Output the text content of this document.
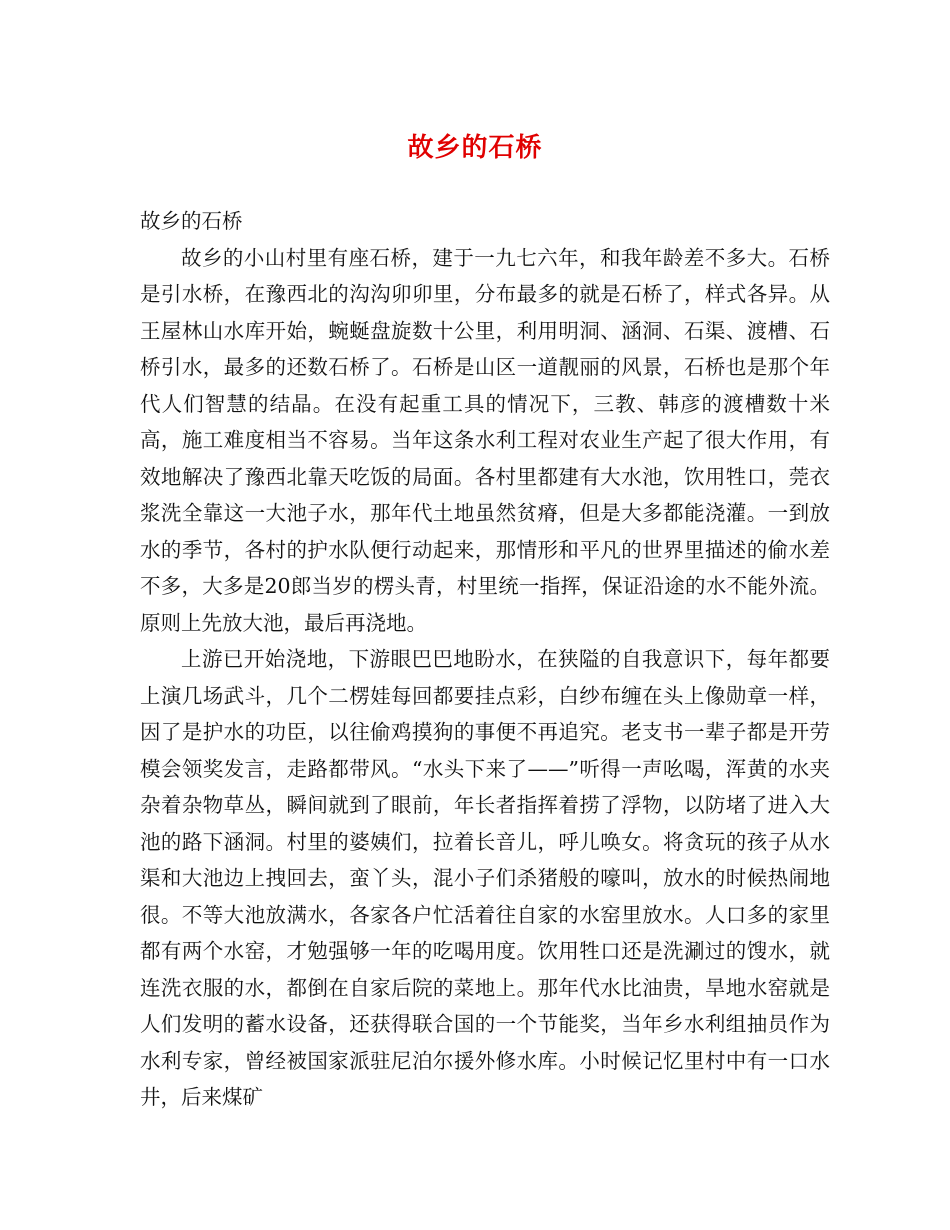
故乡的石桥

故乡的石桥

故乡的小山村里有座石桥，建于一九七六年，和我年龄差不多大。石桥是引水桥，在豫西北的沟沟卯卯里，分布最多的就是石桥了，样式各异。从王屋林山水库开始，蜿蜒盘旋数十公里，利用明洞、涵洞、石渠、渡槽、石桥引水，最多的还数石桥了。石桥是山区一道靓丽的风景，石桥也是那个年代人们智慧的结晶。在没有起重工具的情况下，三教、韩彦的渡槽数十米高，施工难度相当不容易。当年这条水利工程对农业生产起了很大作用，有效地解决了豫西北靠天吃饭的局面。各村里都建有大水池，饮用牲口，莞衣浆洗全靠这一大池子水，那年代土地虽然贫瘠，但是大多都能浇灌。一到放水的季节，各村的护水队便行动起来，那情形和平凡的世界里描述的偷水差不多，大多是20郎当岁的楞头青，村里统一指挥，保证沿途的水不能外流。原则上先放大池，最后再浇地。

上游已开始浇地，下游眼巴巴地盼水，在狭隘的自我意识下，每年都要上演几场武斗，几个二楞娃每回都要挂点彩，白纱布缠在头上像勋章一样，因了是护水的功臣，以往偷鸡摸狗的事便不再追究。老支书一辈子都是开劳模会领奖发言，走路都带风。“水头下来了——”听得一声吆喝，浑黄的水夹杂着杂物草丛，瞬间就到了眼前，年长者指挥着捞了浮物，以防堵了进入大池的路下涵洞。村里的婆姨们，拉着长音儿，呼儿唤女。将贪玩的孩子从水渠和大池边上拽回去，蛮丫头，混小子们杀猪般的嚎叫，放水的时候热闹地很。不等大池放满水，各家各户忙活着往自家的水窑里放水。人口多的家里都有两个水窑，才勉强够一年的吃喝用度。饮用牲口还是洗涮过的馊水，就连洗衣服的水，都倒在自家后院的菜地上。那年代水比油贵，旱地水窑就是人们发明的蓄水设备，还获得联合国的一个节能奖，当年乡水利组抽员作为水利专家，曾经被国家派驻尼泊尔援外修水库。小时候记忆里村中有一口水井，后来煤矿
